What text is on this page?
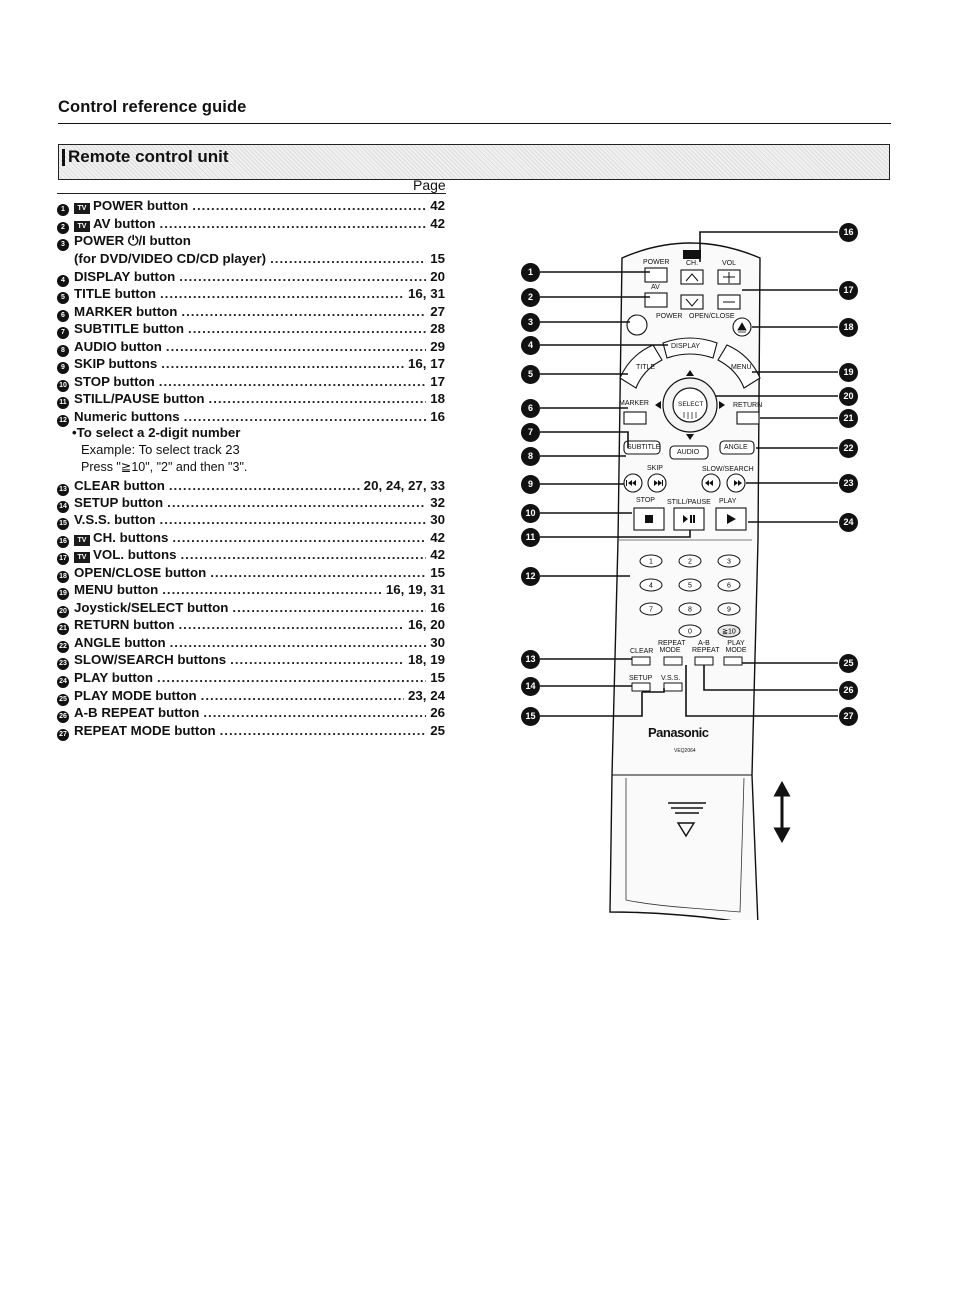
Control reference guide
Remote control unit
Page
1	TV POWER button .....	42
2	TV AV button .....	42
3 POWER ⏻/I button
(for DVD/VIDEO CD/CD player) .....	15
4 DISPLAY button .....	20
5 TITLE button .....	16, 31
6 MARKER button .....	27
7 SUBTITLE button .....	28
8 AUDIO button .....	29
9 SKIP buttons .....	16, 17
10 STOP button .....	17
11 STILL/PAUSE button .....	18
12 Numeric buttons .....	16
13 CLEAR button .....	20, 24, 27, 33
14 SETUP button .....	32
15 V.S.S. button .....	30
16	TV CH. buttons .....	42
17	TV VOL. buttons .....	42
18 OPEN/CLOSE button .....	15
19 MENU button .....	16, 19, 31
20 Joystick/SELECT button .....	16
21 RETURN button .....	16, 20
22 ANGLE button .....	30
23 SLOW/SEARCH buttons .....	18, 19
24 PLAY button .....	15
25 PLAY MODE button .....	23, 24
26 A-B REPEAT button .....	26
27 REPEAT MODE button .....	25
•To select a 2-digit number
Example: To select track 23
Press "≧10", "2" and then "3".
1	2	3
4	5	6
7	8	9
0	≧10
POWER CH.	VOL
AV
POWER OPEN/CLOSE
DISPLAY
TITLE	MENU
MARKER	SELECT	RETURN
SUBTITLE
AUDIO
ANGLE
SKIP	SLOW/SEARCH
STOP STILL/PAUSE PLAY
REPEAT MODE
A-B REPEAT
PLAY MODE
CLEAR
SETUP V.S.S.
1
2
3
4
5
6
7
8
9
10
11
12
13
14
15
16
17
18
19
20
21
22
23
24
25
26
27
Panasonic
VEQ2064
